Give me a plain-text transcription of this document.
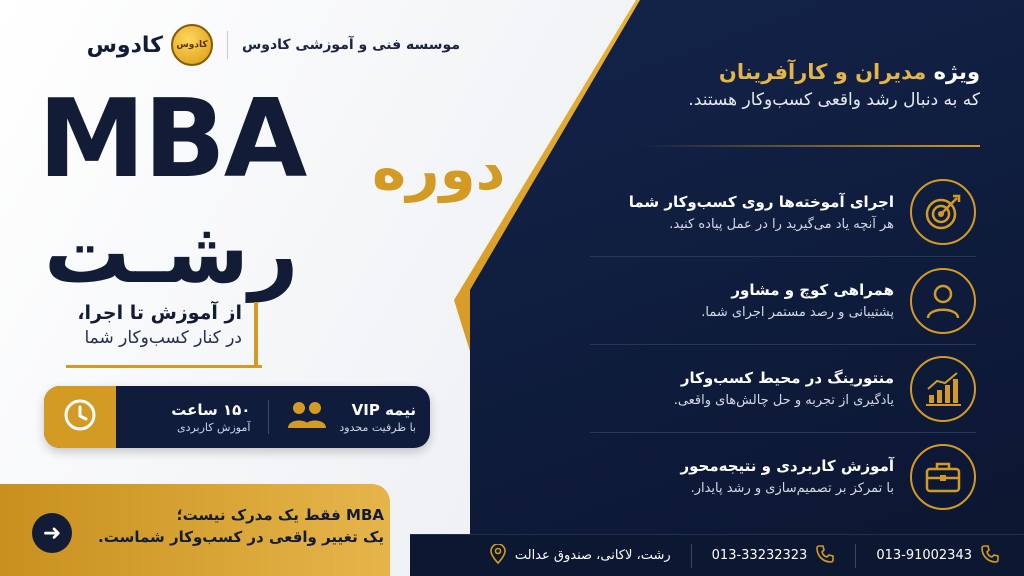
موسسه فنی و آموزشی کادوس
کادوس
کادوس
MBA دوره
رشـت
از آموزش تا اجرا،
در کنار کسب‌وکار شما
نیمه VIP
با ظرفیت محدود
۱۵۰ ساعت
آموزش کاربردی
➜
MBA فقط یک مدرک نیست؛
یک تغییر واقعی در کسب‌وکار شماست.
ویژه مدیران و کارآفرینان
که به دنبال رشد واقعی کسب‌وکار هستند.
اجرای آموخته‌ها روی کسب‌وکار شما
هر آنچه یاد می‌گیرید را در عمل پیاده کنید.
همراهی کوچ و مشاور
پشتیبانی و رصد مستمر اجرای شما.
منتورینگ در محیط کسب‌وکار
یادگیری از تجربه و حل چالش‌های واقعی.
آموزش کاربردی و نتیجه‌محور
با تمرکز بر تصمیم‌سازی و رشد پایدار.
013-91002343
013-33232323
رشت، لاکانی، صندوق عدالت
